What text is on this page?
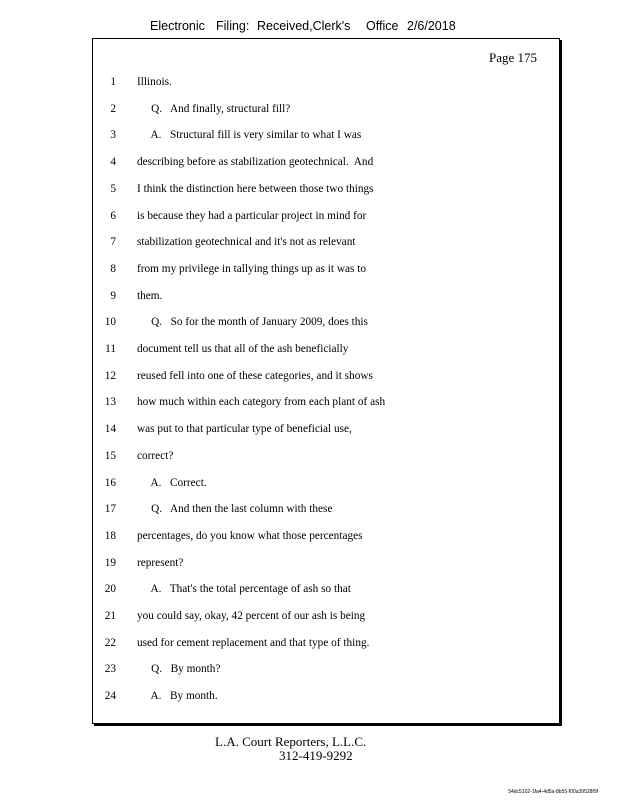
Electronic Filing: Received,Clerk's Office 2/6/2018
Page 175
1 Illinois.
2 Q.   And finally, structural fill?
3 A.   Structural fill is very similar to what I was
4 describing before as stabilization geotechnical.  And
5 I think the distinction here between those two things
6 is because they had a particular project in mind for
7 stabilization geotechnical and it's not as relevant
8 from my privilege in tallying things up as it was to
9 them.
10 Q.   So for the month of January 2009, does this
11 document tell us that all of the ash beneficially
12 reused fell into one of these categories, and it shows
13 how much within each category from each plant of ash
14 was put to that particular type of beneficial use,
15 correct?
16 A.   Correct.
17 Q.   And then the last column with these
18 percentages, do you know what those percentages
19 represent?
20 A.   That's the total percentage of ash so that
21 you could say, okay, 42 percent of our ash is being
22 used for cement replacement and that type of thing.
23 Q.   By month?
24 A.   By month.
L.A. Court Reporters, L.L.C.
312-419-9292
54dc5102-1fa4-4d5a-8b55-f00a39528f9f
